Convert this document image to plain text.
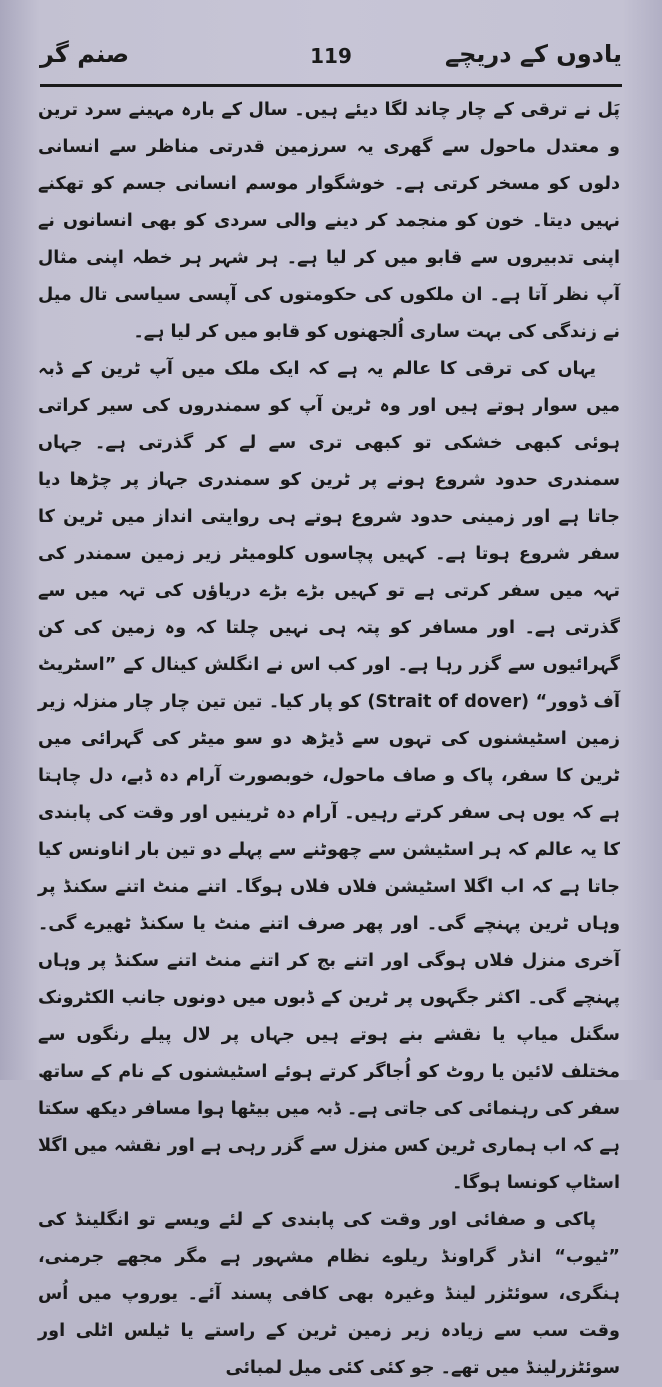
یادوں کے دریچے
119
صنم گر

پَل نے ترقی کے چار چاند لگا دیئے ہیں۔ سال کے بارہ مہینے سرد ترین و معتدل ماحول سے گھری یہ سرزمین قدرتی مناظر سے انسانی دلوں کو مسخر کرتی ہے۔ خوشگوار موسم انسانی جسم کو تھکنے نہیں دیتا۔ خون کو منجمد کر دینے والی سردی کو بھی انسانوں نے اپنی تدبیروں سے قابو میں کر لیا ہے۔ ہر شہر ہر خطہ اپنی مثال آپ نظر آتا ہے۔ ان ملکوں کی حکومتوں کی آپسی سیاسی تال میل نے زندگی کی بہت ساری اُلجھنوں کو قابو میں کر لیا ہے۔

یہاں کی ترقی کا عالم یہ ہے کہ ایک ملک میں آپ ٹرین کے ڈبہ میں سوار ہوتے ہیں اور وہ ٹرین آپ کو سمندروں کی سیر کراتی ہوئی کبھی خشکی تو کبھی تری سے لے کر گذرتی ہے۔ جہاں سمندری حدود شروع ہونے پر ٹرین کو سمندری جہاز پر چڑھا دیا جاتا ہے اور زمینی حدود شروع ہوتے ہی روایتی انداز میں ٹرین کا سفر شروع ہوتا ہے۔ کہیں پچاسوں کلومیٹر زیر زمین سمندر کی تہہ میں سفر کرتی ہے تو کہیں بڑے بڑے دریاؤں کی تہہ میں سے گذرتی ہے۔ اور مسافر کو پتہ ہی نہیں چلتا کہ وہ زمین کی کن گہرائیوں سے گزر رہا ہے۔ اور کب اس نے انگلش کینال کے ”اسٹریٹ آف ڈوور“ (Strait of dover) کو پار کیا۔ تین تین چار چار منزلہ زیر زمین اسٹیشنوں کی تہوں سے ڈیڑھ دو سو میٹر کی گہرائی میں ٹرین کا سفر، پاک و صاف ماحول، خوبصورت آرام دہ ڈبے، دل چاہتا ہے کہ یوں ہی سفر کرتے رہیں۔ آرام دہ ٹرینیں اور وقت کی پابندی کا یہ عالم کہ ہر اسٹیشن سے چھوٹنے سے پہلے دو تین بار اناونس کیا جاتا ہے کہ اب اگلا اسٹیشن فلاں فلاں ہوگا۔ اتنے منٹ اتنے سکنڈ پر وہاں ٹرین پہنچے گی۔ اور پھر صرف اتنے منٹ یا سکنڈ ٹھیرے گی۔ آخری منزل فلاں ہوگی اور اتنے بج کر اتنے منٹ اتنے سکنڈ پر وہاں پہنچے گی۔ اکثر جگہوں پر ٹرین کے ڈبوں میں دونوں جانب الکٹرونک سگنل میاپ یا نقشے بنے ہوتے ہیں جہاں پر لال پیلے رنگوں سے مختلف لائین یا روٹ کو اُجاگر کرتے ہوئے اسٹیشنوں کے نام کے ساتھ سفر کی رہنمائی کی جاتی ہے۔ ڈبہ میں بیٹھا ہوا مسافر دیکھ سکتا ہے کہ اب ہماری ٹرین کس منزل سے گزر رہی ہے اور نقشہ میں اگلا اسٹاپ کونسا ہوگا۔

پاکی و صفائی اور وقت کی پابندی کے لئے ویسے تو انگلینڈ کی ”ٹیوب“ انڈر گراونڈ ریلوے نظام مشہور ہے مگر مجھے جرمنی، ہنگری، سوئٹزر لینڈ وغیرہ بھی کافی پسند آئے۔ یوروپ میں اُس وقت سب سے زیادہ زیر زمین ٹرین کے راستے یا ٹیلس اٹلی اور سوئٹزرلینڈ میں تھے۔ جو کئی کئی میل لمبائی
